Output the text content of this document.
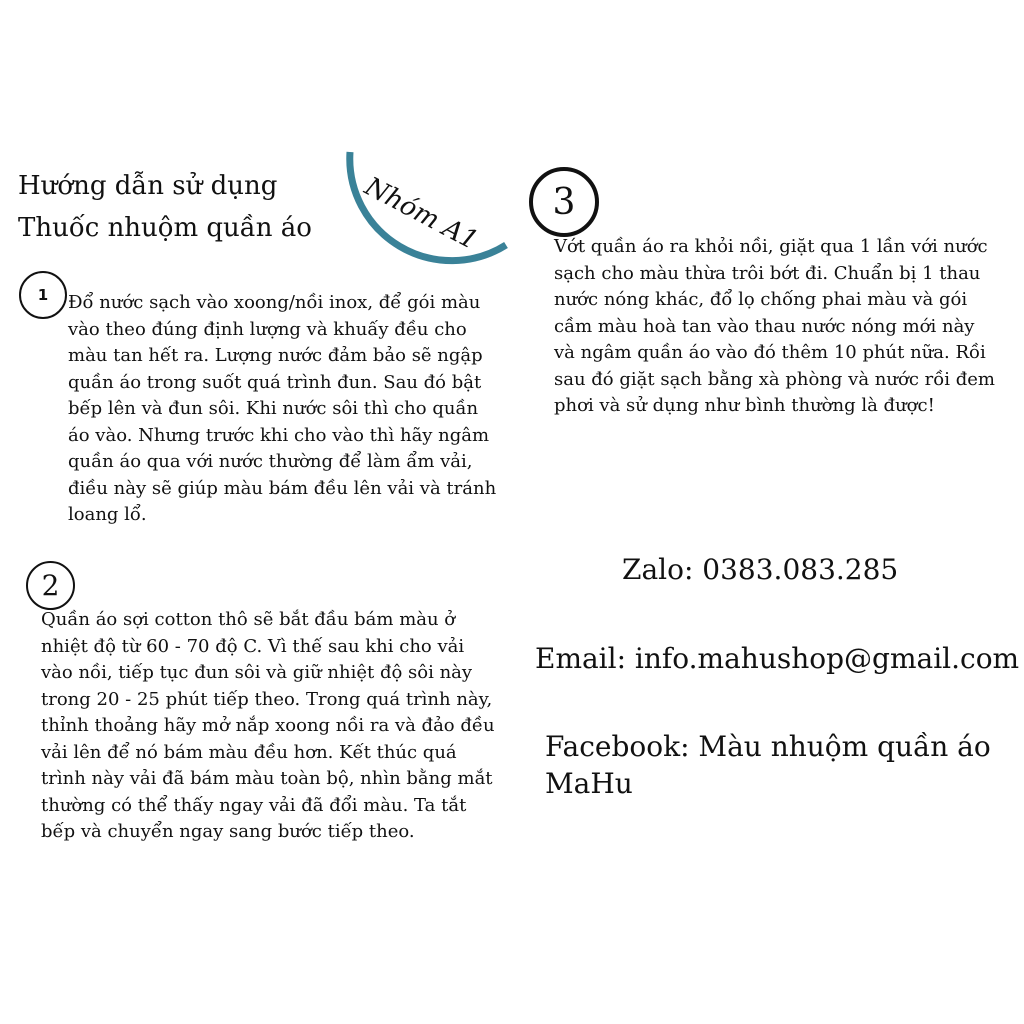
Hướng dẫn sử dụng
Thuốc nhuộm quần áo Nhóm A1
1 Đổ nước sạch vào xoong/nồi inox, để gói màu vào theo đúng định lượng và khuấy đều cho màu tan hết ra. Lượng nước đảm bảo sẽ ngập quần áo trong suốt quá trình đun. Sau đó bật bếp lên và đun sôi. Khi nước sôi thì cho quần áo vào. Nhưng trước khi cho vào thì hãy ngâm quần áo qua với nước thường để làm ẩm vải, điều này sẽ giúp màu bám đều lên vải và tránh loang lổ.

2

Quần áo sợi cotton thô sẽ bắt đầu bám màu ở nhiệt độ từ 60 - 70 độ C. Vì thế sau khi cho vải vào nồi, tiếp tục đun sôi và giữ nhiệt độ sôi này trong 20 - 25 phút tiếp theo. Trong quá trình này, thỉnh thoảng hãy mở nắp xoong nồi ra và đảo đều vải lên để nó bám màu đều hơn. Kết thúc quá trình này vải đã bám màu toàn bộ, nhìn bằng mắt thường có thể thấy ngay vải đã đổi màu. Ta tắt bếp và chuyển ngay sang bước tiếp theo.

3

Vớt quần áo ra khỏi nồi, giặt qua 1 lần với nước sạch cho màu thừa trôi bớt đi. Chuẩn bị 1 thau nước nóng khác, đổ lọ chống phai màu và gói cầm màu hoà tan vào thau nước nóng mới này và ngâm quần áo vào đó thêm 10 phút nữa. Rồi sau đó giặt sạch bằng xà phòng và nước rồi đem phơi và sử dụng như bình thường là được!

Zalo: 0383.083.285
Email: info.mahushop@gmail.com
Facebook: Màu nhuộm quần áo
MaHu
